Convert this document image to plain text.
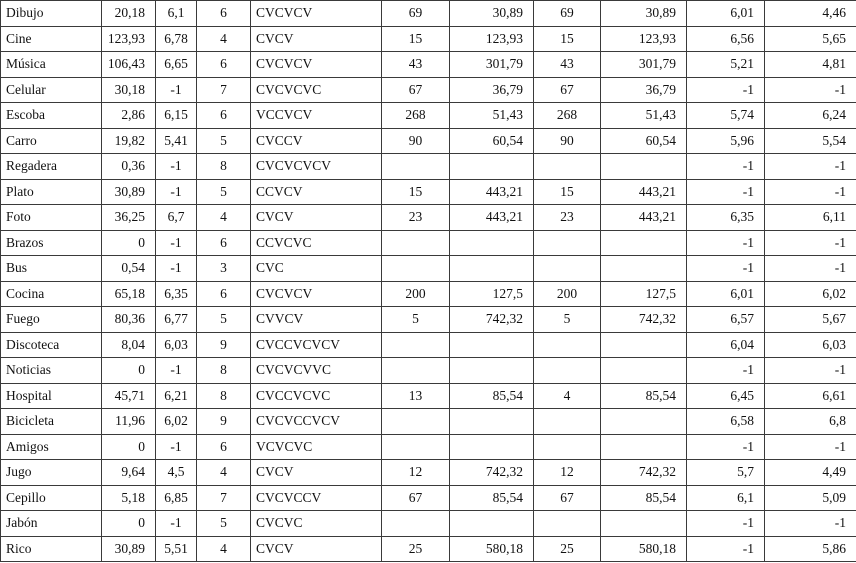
Dibujo	20,18	6,1	6	CVCVCV	69	30,89	69	30,89	6,01	4,46
Cine	123,93	6,78	4	CVCV	15	123,93	15	123,93	6,56	5,65
Música	106,43	6,65	6	CVCVCV	43	301,79	43	301,79	5,21	4,81
Celular	30,18	-1	7	CVCVCVC	67	36,79	67	36,79	-1	-1
Escoba	2,86	6,15	6	VCCVCV	268	51,43	268	51,43	5,74	6,24
Carro	19,82	5,41	5	CVCCV	90	60,54	90	60,54	5,96	5,54
Regadera	0,36	-1	8	CVCVCVCV					-1	-1
Plato	30,89	-1	5	CCVCV	15	443,21	15	443,21	-1	-1
Foto	36,25	6,7	4	CVCV	23	443,21	23	443,21	6,35	6,11
Brazos	0	-1	6	CCVCVC					-1	-1
Bus	0,54	-1	3	CVC					-1	-1
Cocina	65,18	6,35	6	CVCVCV	200	127,5	200	127,5	6,01	6,02
Fuego	80,36	6,77	5	CVVCV	5	742,32	5	742,32	6,57	5,67
Discoteca	8,04	6,03	9	CVCCVCVCV					6,04	6,03
Noticias	0	-1	8	CVCVCVVC					-1	-1
Hospital	45,71	6,21	8	CVCCVCVC	13	85,54	4	85,54	6,45	6,61
Bicicleta	11,96	6,02	9	CVCVCCVCV					6,58	6,8
Amigos	0	-1	6	VCVCVC					-1	-1
Jugo	9,64	4,5	4	CVCV	12	742,32	12	742,32	5,7	4,49
Cepillo	5,18	6,85	7	CVCVCCV	67	85,54	67	85,54	6,1	5,09
Jabón	0	-1	5	CVCVC					-1	-1
Rico	30,89	5,51	4	CVCV	25	580,18	25	580,18	-1	5,86
